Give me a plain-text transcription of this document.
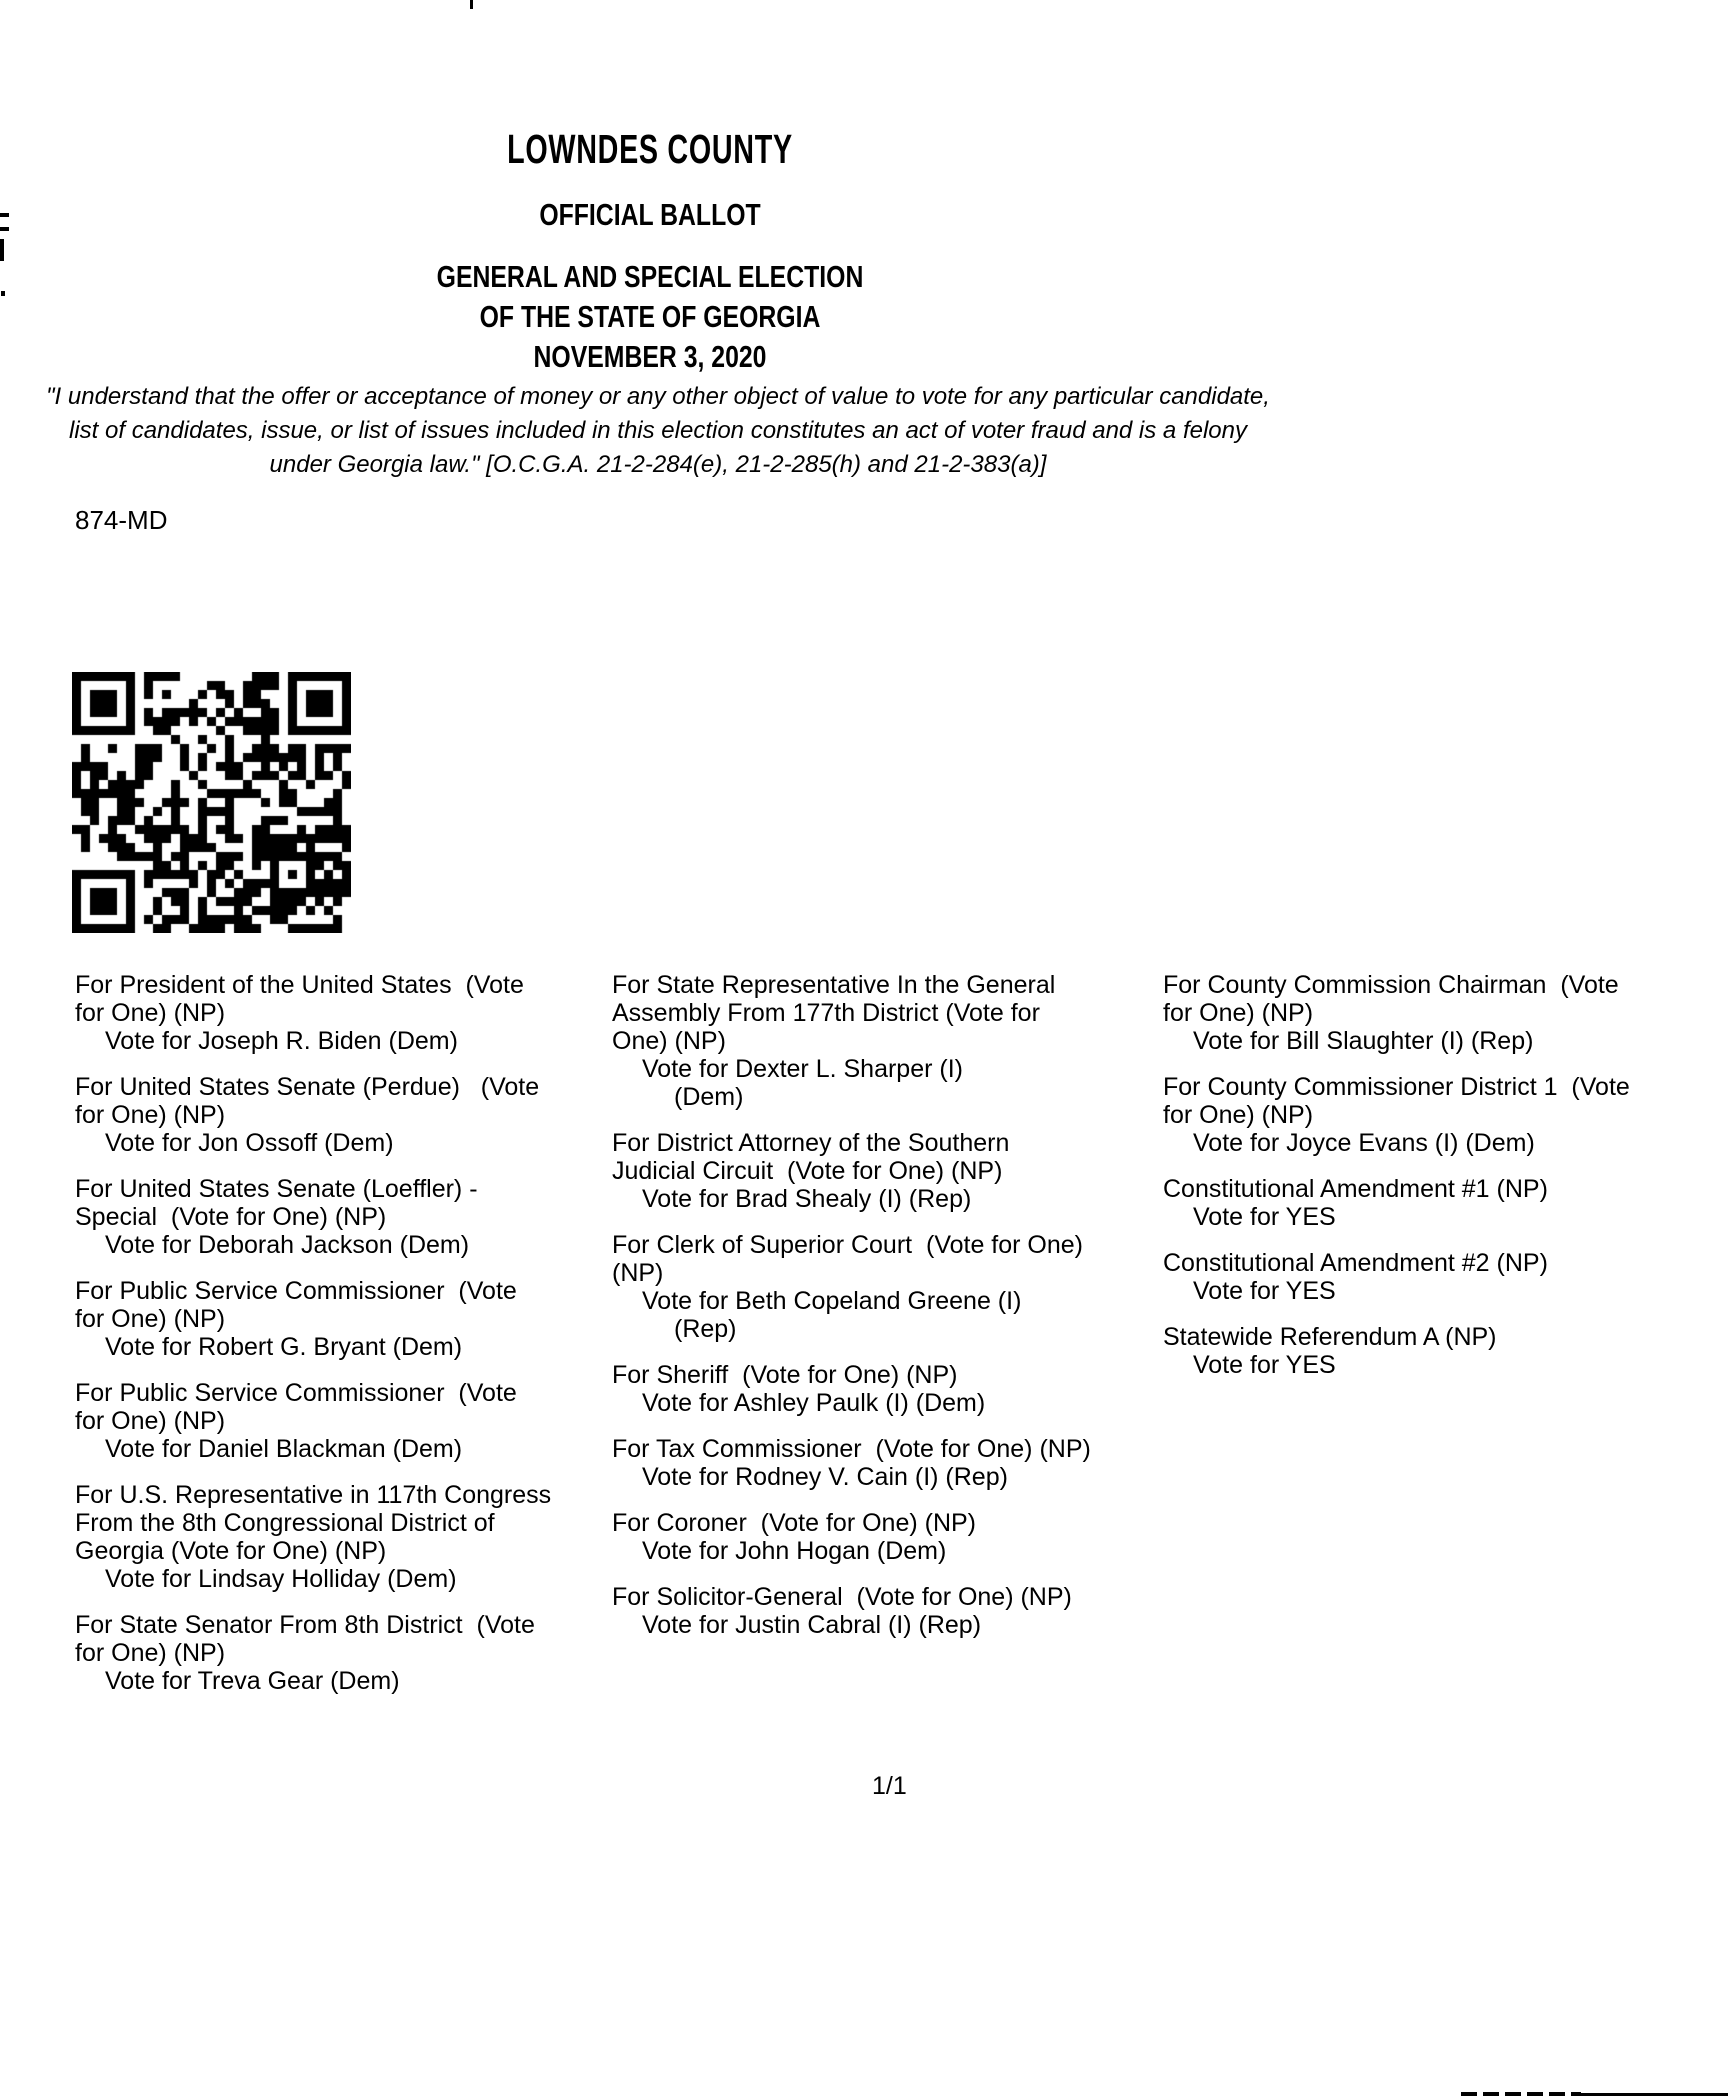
LOWNDES COUNTY
OFFICIAL BALLOT
GENERAL AND SPECIAL ELECTION
OF THE STATE OF GEORGIA
NOVEMBER 3, 2020
"I understand that the offer or acceptance of money or any other object of value to vote for any particular candidate,
list of candidates, issue, or list of issues included in this election constitutes an act of voter fraud and is a felony
under Georgia law." [O.C.G.A. 21-2-284(e), 21-2-285(h) and 21-2-383(a)]
874-MD
For President of the United States  (Vote
for One) (NP)
Vote for Joseph R. Biden (Dem)
For United States Senate (Perdue)   (Vote
for One) (NP)
Vote for Jon Ossoff (Dem)
For United States Senate (Loeffler) -
Special  (Vote for One) (NP)
Vote for Deborah Jackson (Dem)
For Public Service Commissioner  (Vote
for One) (NP)
Vote for Robert G. Bryant (Dem)
For Public Service Commissioner  (Vote
for One) (NP)
Vote for Daniel Blackman (Dem)
For U.S. Representative in 117th Congress
From the 8th Congressional District of
Georgia (Vote for One) (NP)
Vote for Lindsay Holliday (Dem)
For State Senator From 8th District  (Vote
for One) (NP)
Vote for Treva Gear (Dem)
For State Representative In the General
Assembly From 177th District (Vote for
One) (NP)
Vote for Dexter L. Sharper (I)
(Dem)
For District Attorney of the Southern
Judicial Circuit  (Vote for One) (NP)
Vote for Brad Shealy (I) (Rep)
For Clerk of Superior Court  (Vote for One)
(NP)
Vote for Beth Copeland Greene (I)
(Rep)
For Sheriff  (Vote for One) (NP)
Vote for Ashley Paulk (I) (Dem)
For Tax Commissioner  (Vote for One) (NP)
Vote for Rodney V. Cain (I) (Rep)
For Coroner  (Vote for One) (NP)
Vote for John Hogan (Dem)
For Solicitor-General  (Vote for One) (NP)
Vote for Justin Cabral (I) (Rep)
For County Commission Chairman  (Vote
for One) (NP)
Vote for Bill Slaughter (I) (Rep)
For County Commissioner District 1  (Vote
for One) (NP)
Vote for Joyce Evans (I) (Dem)
Constitutional Amendment #1 (NP)
Vote for YES
Constitutional Amendment #2 (NP)
Vote for YES
Statewide Referendum A (NP)
Vote for YES
1/1
